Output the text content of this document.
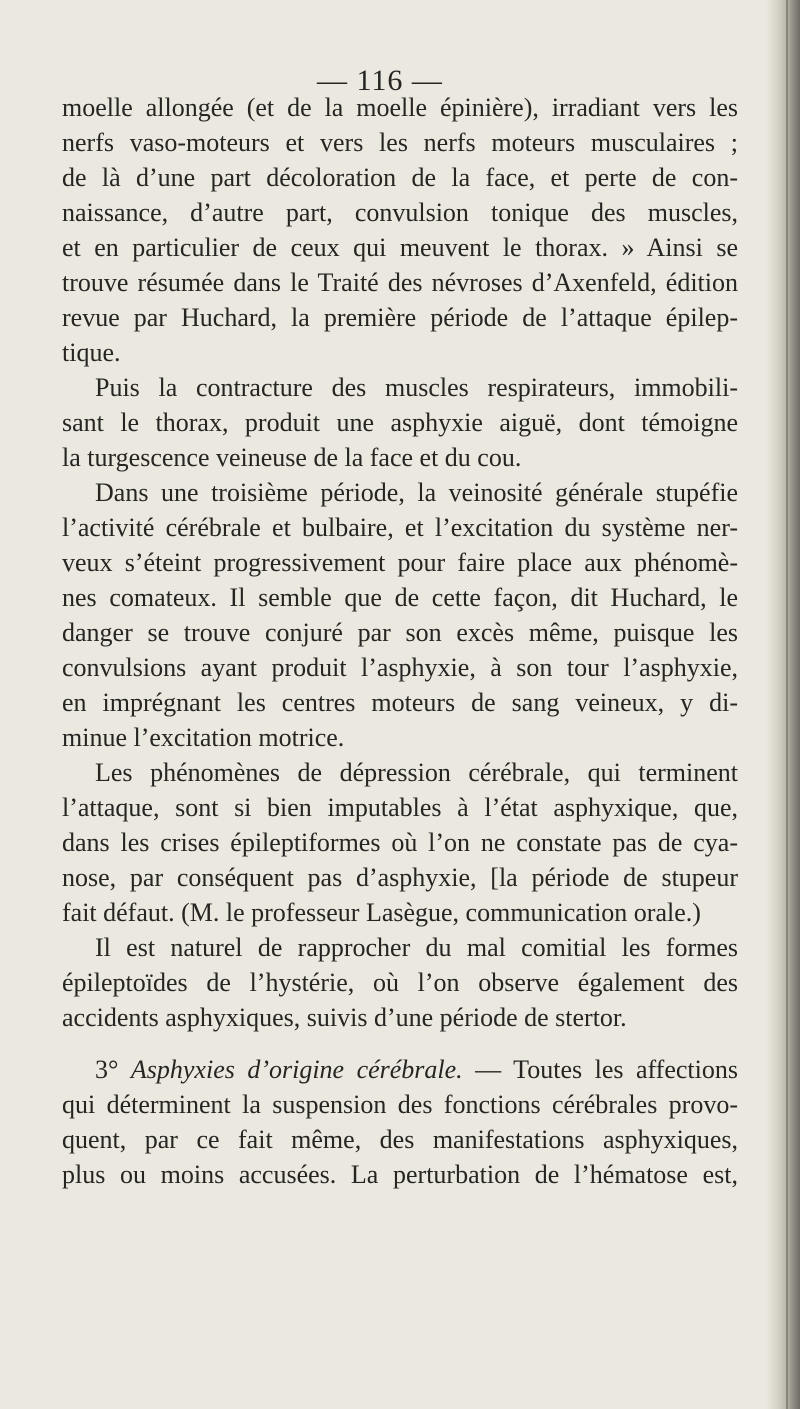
— 116 —
moelle allongée (et de la moelle épinière), irradiant vers les
nerfs vaso-moteurs et vers les nerfs moteurs musculaires ;
de là d’une part décoloration de la face, et perte de con-
naissance, d’autre part, convulsion tonique des muscles,
et en particulier de ceux qui meuvent le thorax. » Ainsi se
trouve résumée dans le Traité des névroses d’Axenfeld, édition
revue par Huchard, la première période de l’attaque épilep-
tique.
Puis la contracture des muscles respirateurs, immobili-
sant le thorax, produit une asphyxie aiguë, dont témoigne
la turgescence veineuse de la face et du cou.
Dans une troisième période, la veinosité générale stupéfie
l’activité cérébrale et bulbaire, et l’excitation du système ner-
veux s’éteint progressivement pour faire place aux phénomè-
nes comateux. Il semble que de cette façon, dit Huchard, le
danger se trouve conjuré par son excès même, puisque les
convulsions ayant produit l’asphyxie, à son tour l’asphyxie,
en imprégnant les centres moteurs de sang veineux, y di-
minue l’excitation motrice.
Les phénomènes de dépression cérébrale, qui terminent
l’attaque, sont si bien imputables à l’état asphyxique, que,
dans les crises épileptiformes où l’on ne constate pas de cya-
nose, par conséquent pas d’asphyxie, [la période de stupeur
fait défaut. (M. le professeur Lasègue, communication orale.)
Il est naturel de rapprocher du mal comitial les formes
épileptoïdes de l’hystérie, où l’on observe également des
accidents asphyxiques, suivis d’une période de stertor.
3° Asphyxies d’origine cérébrale. — Toutes les affections
qui déterminent la suspension des fonctions cérébrales provo-
quent, par ce fait même, des manifestations asphyxiques,
plus ou moins accusées. La perturbation de l’hématose est,
